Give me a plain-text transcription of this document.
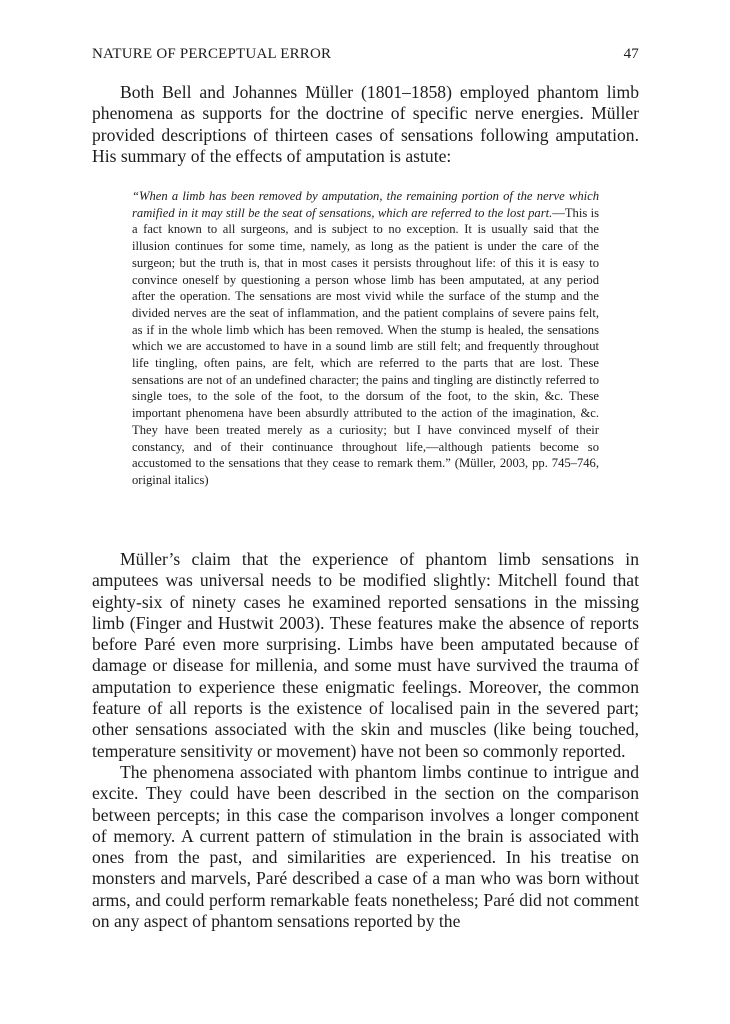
NATURE OF PERCEPTUAL ERROR	47

Both Bell and Johannes Müller (1801–1858) employed phantom limb phenomena as supports for the doctrine of specific nerve energies. Müller provided descriptions of thirteen cases of sensations following amputation. His summary of the effects of amputation is astute:

“When a limb has been removed by amputation, the remaining portion of the nerve which ramified in it may still be the seat of sensations, which are referred to the lost part.—This is a fact known to all surgeons, and is subject to no exception. It is usually said that the illusion continues for some time, namely, as long as the patient is under the care of the surgeon; but the truth is, that in most cases it persists throughout life: of this it is easy to convince oneself by questioning a person whose limb has been amputated, at any period after the operation. The sensations are most vivid while the surface of the stump and the divided nerves are the seat of inflammation, and the patient complains of severe pains felt, as if in the whole limb which has been removed. When the stump is healed, the sensations which we are accustomed to have in a sound limb are still felt; and frequently throughout life tingling, often pains, are felt, which are referred to the parts that are lost. These sensations are not of an undefined character; the pains and tingling are distinctly referred to single toes, to the sole of the foot, to the dorsum of the foot, to the skin, &c. These important phenomena have been absurdly attributed to the action of the imagination, &c. They have been treated merely as a curiosity; but I have convinced myself of their constancy, and of their continuance throughout life,—although patients become so accustomed to the sensations that they cease to remark them.” (Müller, 2003, pp. 745–746, original italics)

Müller’s claim that the experience of phantom limb sensations in amputees was universal needs to be modified slightly: Mitchell found that eighty-six of ninety cases he examined reported sensations in the missing limb (Finger and Hustwit 2003). These features make the absence of reports before Paré even more surprising. Limbs have been amputated because of damage or disease for millenia, and some must have survived the trauma of amputation to experience these enigmatic feelings. Moreover, the common feature of all reports is the existence of localised pain in the severed part; other sensations associated with the skin and muscles (like being touched, temperature sensitivity or movement) have not been so commonly reported.

The phenomena associated with phantom limbs continue to intrigue and excite. They could have been described in the section on the comparison between percepts; in this case the comparison involves a longer component of memory. A current pattern of stimulation in the brain is associated with ones from the past, and similarities are experienced. In his treatise on monsters and marvels, Paré described a case of a man who was born without arms, and could perform remarkable feats nonetheless; Paré did not comment on any aspect of phantom sensations reported by the
